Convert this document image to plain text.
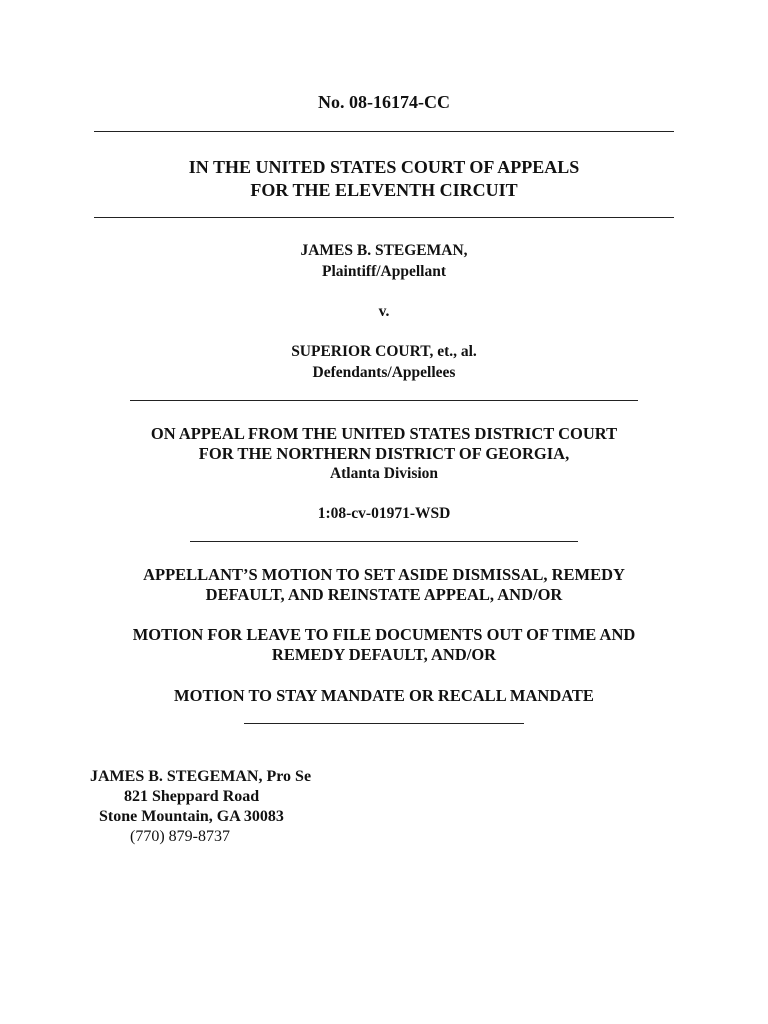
No. 08-16174-CC
IN THE UNITED STATES COURT OF APPEALS
FOR THE ELEVENTH CIRCUIT
JAMES B. STEGEMAN,
Plaintiff/Appellant
v.
SUPERIOR COURT, et., al.
Defendants/Appellees
ON APPEAL FROM THE UNITED STATES DISTRICT COURT
FOR THE NORTHERN DISTRICT OF GEORGIA,
Atlanta Division
1:08-cv-01971-WSD
APPELLANT’S MOTION TO SET ASIDE DISMISSAL, REMEDY
DEFAULT, AND REINSTATE APPEAL, AND/OR
MOTION FOR LEAVE TO FILE DOCUMENTS OUT OF TIME AND
REMEDY DEFAULT, AND/OR
MOTION TO STAY MANDATE OR RECALL MANDATE
JAMES B. STEGEMAN, Pro Se
821 Sheppard Road
Stone Mountain, GA 30083
(770) 879-8737
